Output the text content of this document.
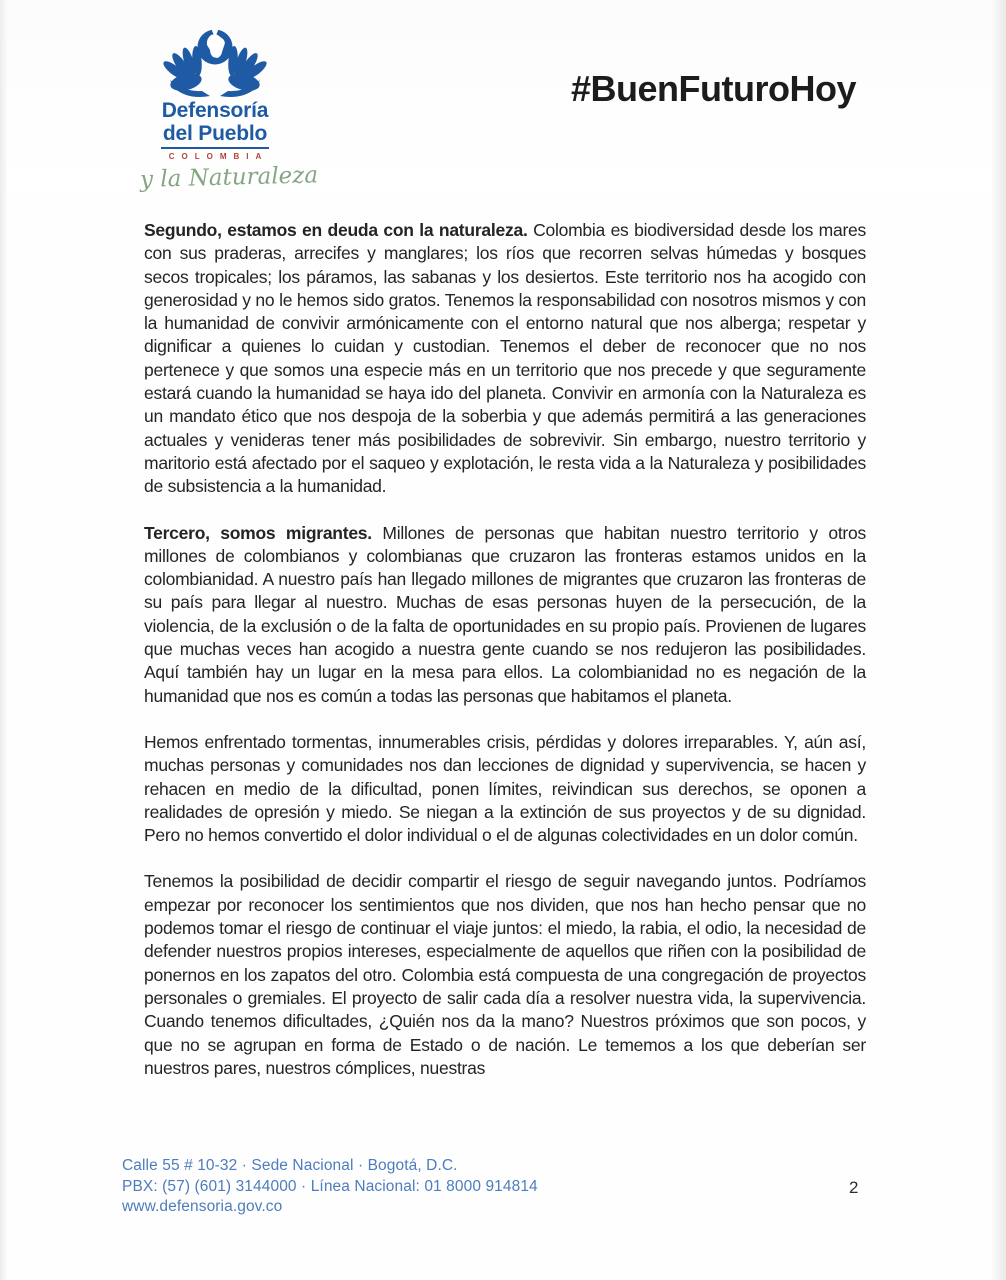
Defensoría
del Pueblo
COLOMBIA
y la Naturaleza
#BuenFuturoHoy

Segundo, estamos en deuda con la naturaleza. Colombia es biodiversidad desde los mares con sus praderas, arrecifes y manglares; los ríos que recorren selvas húmedas y bosques secos tropicales; los páramos, las sabanas y los desiertos. Este territorio nos ha acogido con generosidad y no le hemos sido gratos. Tenemos la responsabilidad con nosotros mismos y con la humanidad de convivir armónicamente con el entorno natural que nos alberga; respetar y dignificar a quienes lo cuidan y custodian. Tenemos el deber de reconocer que no nos pertenece y que somos una especie más en un territorio que nos precede y que seguramente estará cuando la humanidad se haya ido del planeta. Convivir en armonía con la Naturaleza es un mandato ético que nos despoja de la soberbia y que además permitirá a las generaciones actuales y venideras tener más posibilidades de sobrevivir. Sin embargo, nuestro territorio y maritorio está afectado por el saqueo y explotación, le resta vida a la Naturaleza y posibilidades de subsistencia a la humanidad.

Tercero, somos migrantes. Millones de personas que habitan nuestro territorio y otros millones de colombianos y colombianas que cruzaron las fronteras estamos unidos en la colombianidad. A nuestro país han llegado millones de migrantes que cruzaron las fronteras de su país para llegar al nuestro. Muchas de esas personas huyen de la persecución, de la violencia, de la exclusión o de la falta de oportunidades en su propio país. Provienen de lugares que muchas veces han acogido a nuestra gente cuando se nos redujeron las posibilidades. Aquí también hay un lugar en la mesa para ellos. La colombianidad no es negación de la humanidad que nos es común a todas las personas que habitamos el planeta.

Hemos enfrentado tormentas, innumerables crisis, pérdidas y dolores irreparables. Y, aún así, muchas personas y comunidades nos dan lecciones de dignidad y supervivencia, se hacen y rehacen en medio de la dificultad, ponen límites, reivindican sus derechos, se oponen a realidades de opresión y miedo. Se niegan a la extinción de sus proyectos y de su dignidad. Pero no hemos convertido el dolor individual o el de algunas colectividades en un dolor común.

Tenemos la posibilidad de decidir compartir el riesgo de seguir navegando juntos. Podríamos empezar por reconocer los sentimientos que nos dividen, que nos han hecho pensar que no podemos tomar el riesgo de continuar el viaje juntos: el miedo, la rabia, el odio, la necesidad de defender nuestros propios intereses, especialmente de aquellos que riñen con la posibilidad de ponernos en los zapatos del otro. Colombia está compuesta de una congregación de proyectos personales o gremiales. El proyecto de salir cada día a resolver nuestra vida, la supervivencia. Cuando tenemos dificultades, ¿Quién nos da la mano? Nuestros próximos que son pocos, y que no se agrupan en forma de Estado o de nación. Le tememos a los que deberían ser nuestros pares, nuestros cómplices, nuestras

Calle 55 # 10-32 · Sede Nacional · Bogotá, D.C.
PBX: (57) (601) 3144000 · Línea Nacional: 01 8000 914814
www.defensoria.gov.co
2
